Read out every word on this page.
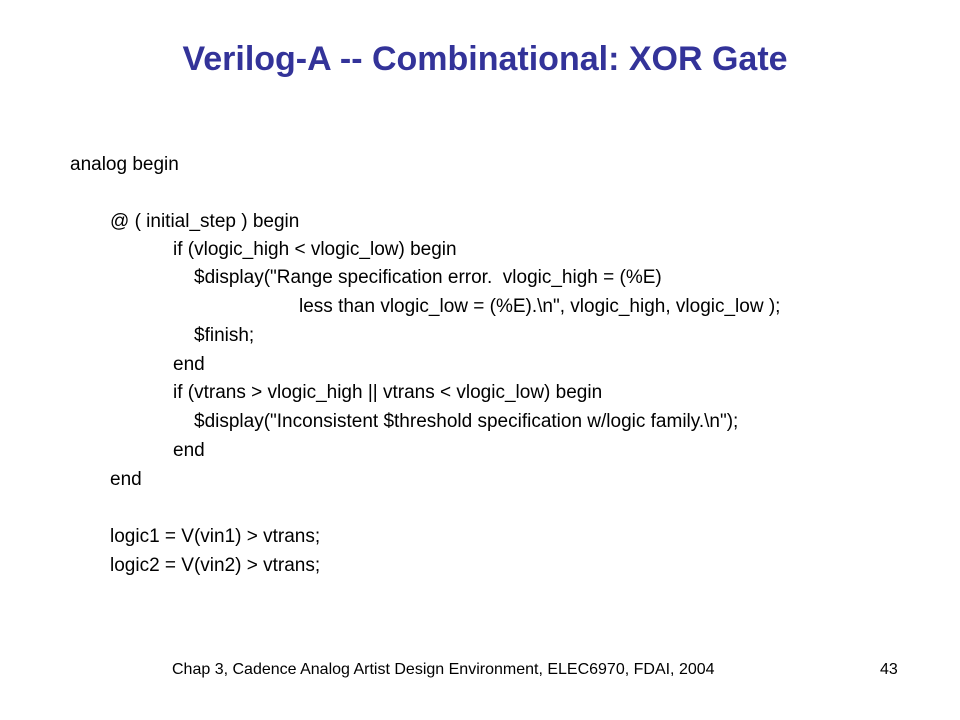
Verilog-A -- Combinational: XOR Gate
analog begin
@ ( initial_step ) begin
if (vlogic_high < vlogic_low) begin
$display("Range specification error.  vlogic_high = (%E)
less than vlogic_low = (%E).\n", vlogic_high, vlogic_low );
$finish;
end
if (vtrans > vlogic_high || vtrans < vlogic_low) begin
$display("Inconsistent $threshold specification w/logic family.\n");
end
end
logic1 = V(vin1) > vtrans;
logic2 = V(vin2) > vtrans;
Chap 3, Cadence Analog Artist Design Environment, ELEC6970, FDAI, 2004	43
